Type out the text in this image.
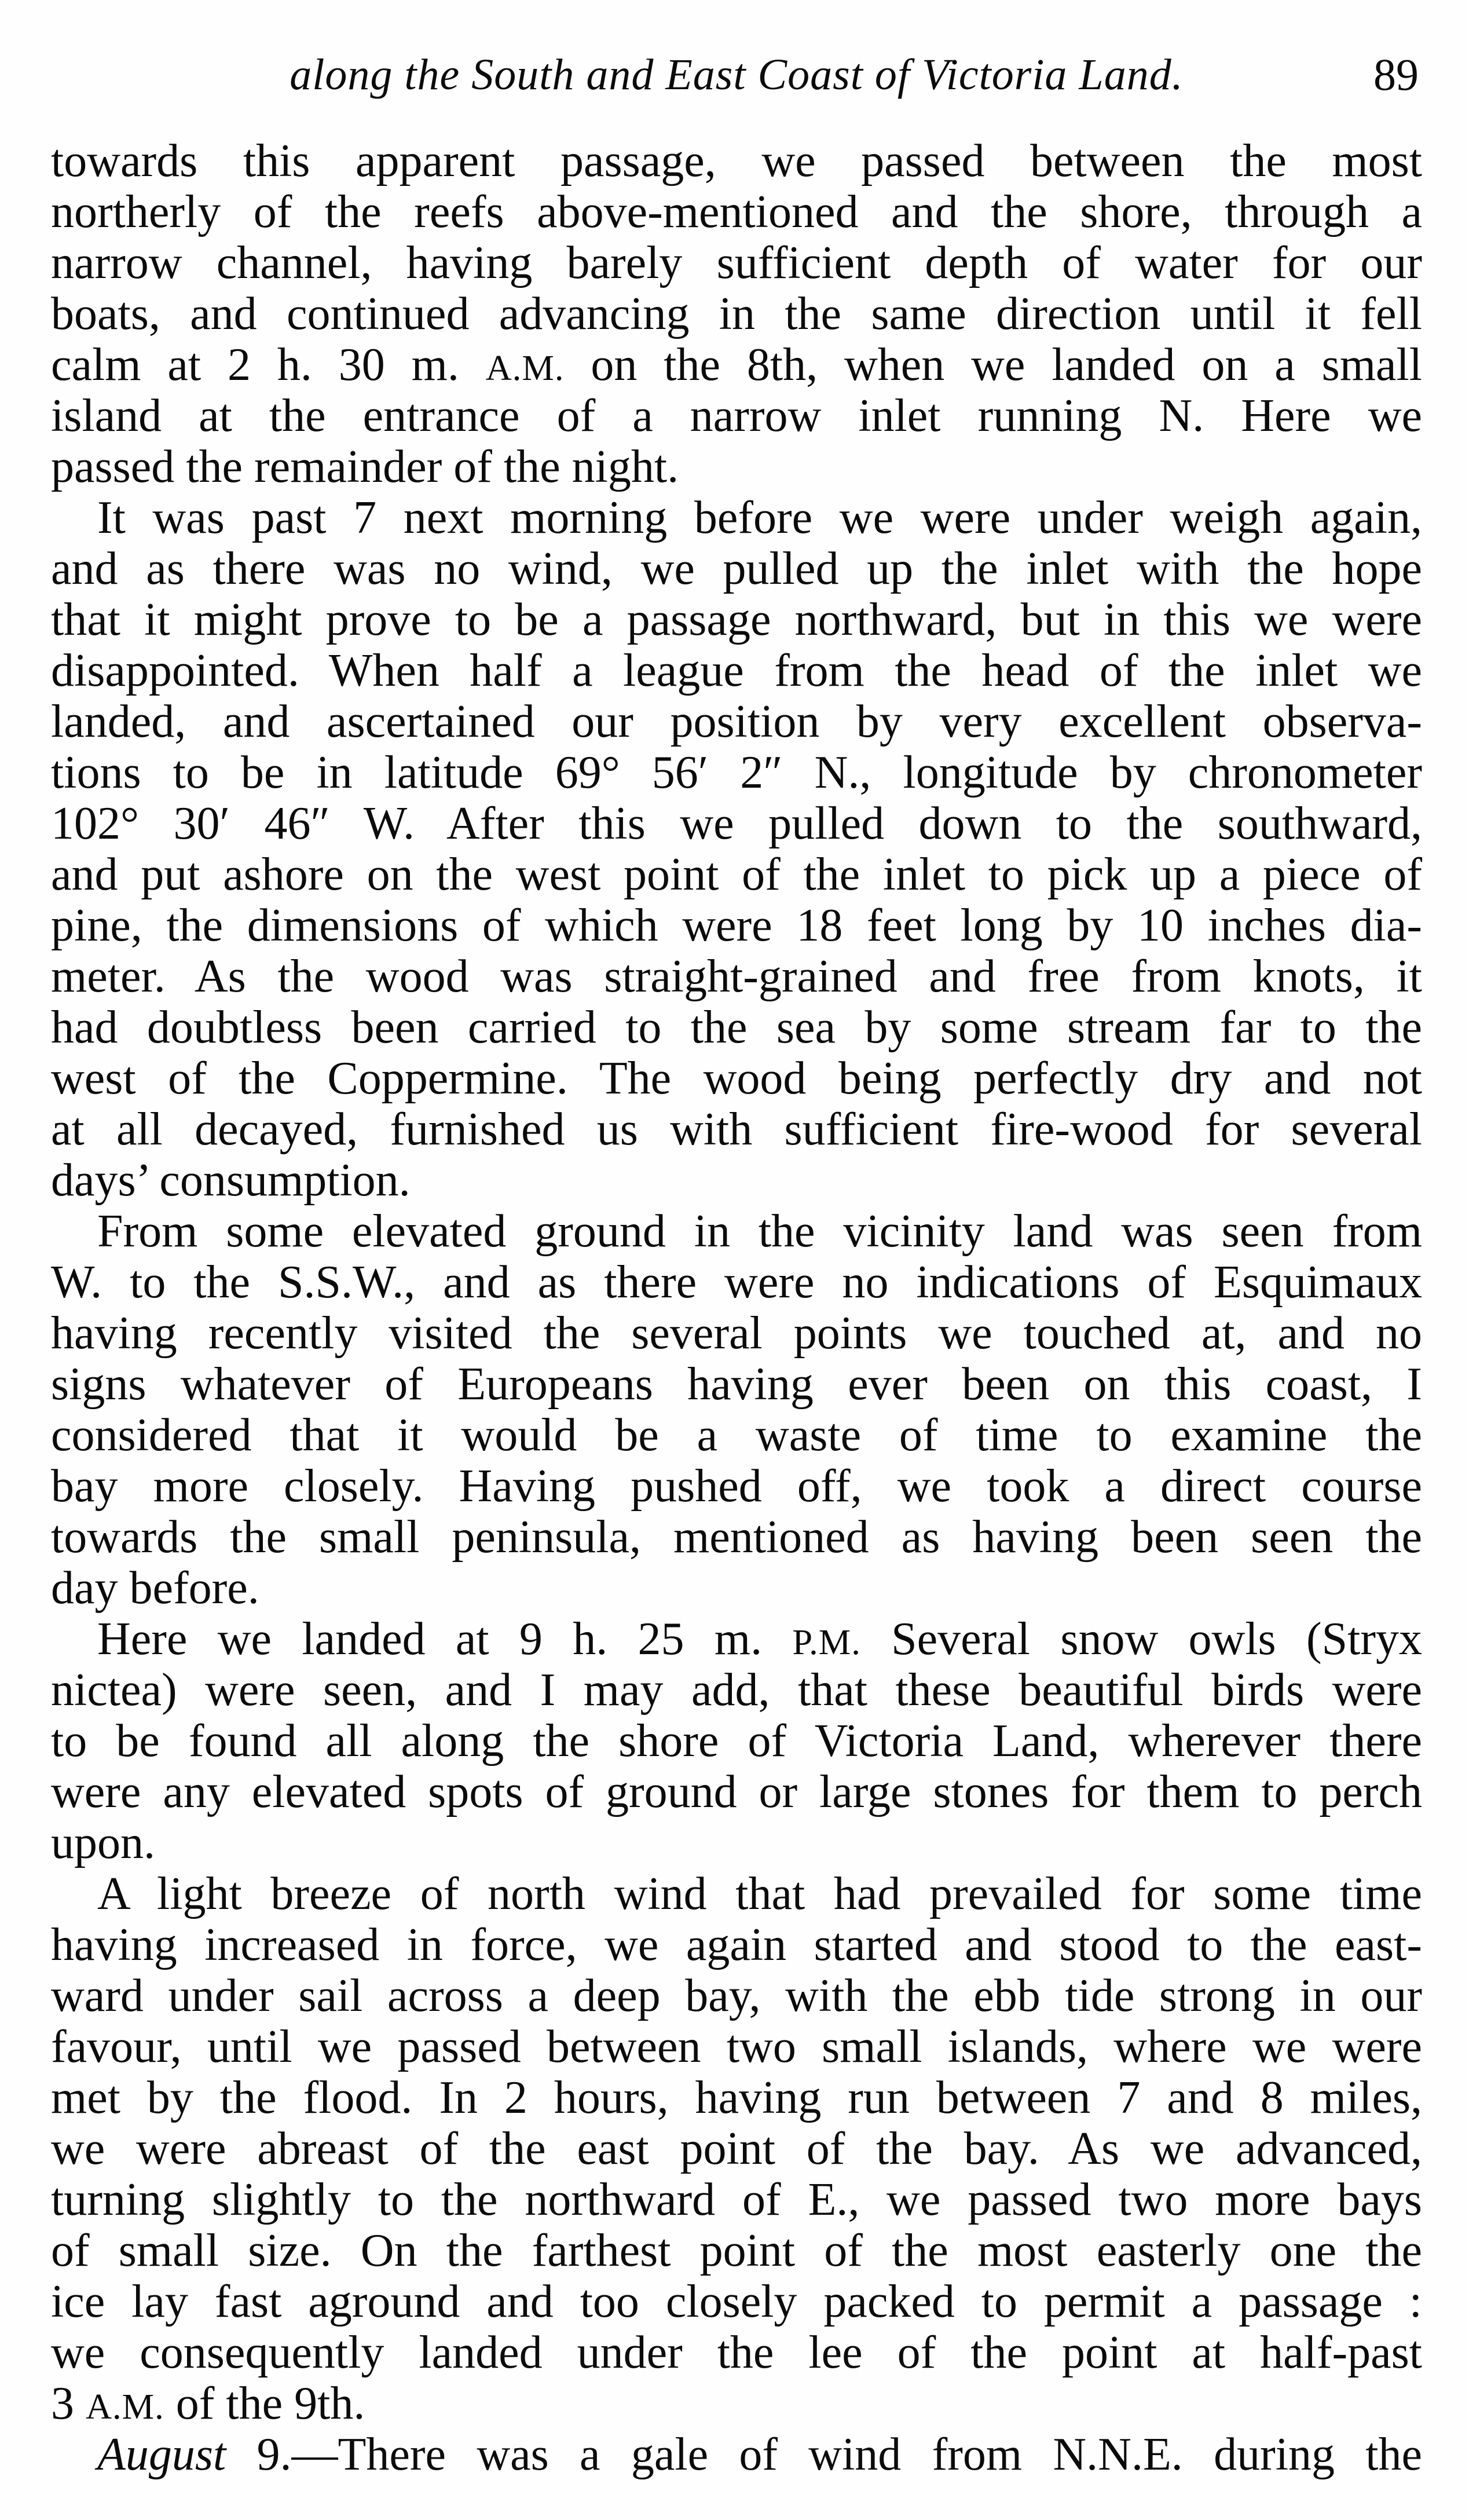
along the South and East Coast of Victoria Land.	89
towards this apparent passage, we passed between the most
northerly of the reefs above-mentioned and the shore, through a
narrow channel, having barely sufficient depth of water for our
boats, and continued advancing in the same direction until it fell
calm at 2 h. 30 m. A.M. on the 8th, when we landed on a small
island at the entrance of a narrow inlet running N. Here we
passed the remainder of the night.
It was past 7 next morning before we were under weigh again,
and as there was no wind, we pulled up the inlet with the hope
that it might prove to be a passage northward, but in this we were
disappointed. When half a league from the head of the inlet we
landed, and ascertained our position by very excellent observa-
tions to be in latitude 69° 56′ 2″ N., longitude by chronometer
102° 30′ 46″ W. After this we pulled down to the southward,
and put ashore on the west point of the inlet to pick up a piece of
pine, the dimensions of which were 18 feet long by 10 inches dia-
meter. As the wood was straight-grained and free from knots, it
had doubtless been carried to the sea by some stream far to the
west of the Coppermine. The wood being perfectly dry and not
at all decayed, furnished us with sufficient fire-wood for several
days’ consumption.
From some elevated ground in the vicinity land was seen from
W. to the S.S.W., and as there were no indications of Esquimaux
having recently visited the several points we touched at, and no
signs whatever of Europeans having ever been on this coast, I
considered that it would be a waste of time to examine the
bay more closely. Having pushed off, we took a direct course
towards the small peninsula, mentioned as having been seen the
day before.
Here we landed at 9 h. 25 m. P.M. Several snow owls (Stryx
nictea) were seen, and I may add, that these beautiful birds were
to be found all along the shore of Victoria Land, wherever there
were any elevated spots of ground or large stones for them to perch
upon.
A light breeze of north wind that had prevailed for some time
having increased in force, we again started and stood to the east-
ward under sail across a deep bay, with the ebb tide strong in our
favour, until we passed between two small islands, where we were
met by the flood. In 2 hours, having run between 7 and 8 miles,
we were abreast of the east point of the bay. As we advanced,
turning slightly to the northward of E., we passed two more bays
of small size. On the farthest point of the most easterly one the
ice lay fast aground and too closely packed to permit a passage :
we consequently landed under the lee of the point at half-past
3 A.M. of the 9th.
August 9.—There was a gale of wind from N.N.E. during the
